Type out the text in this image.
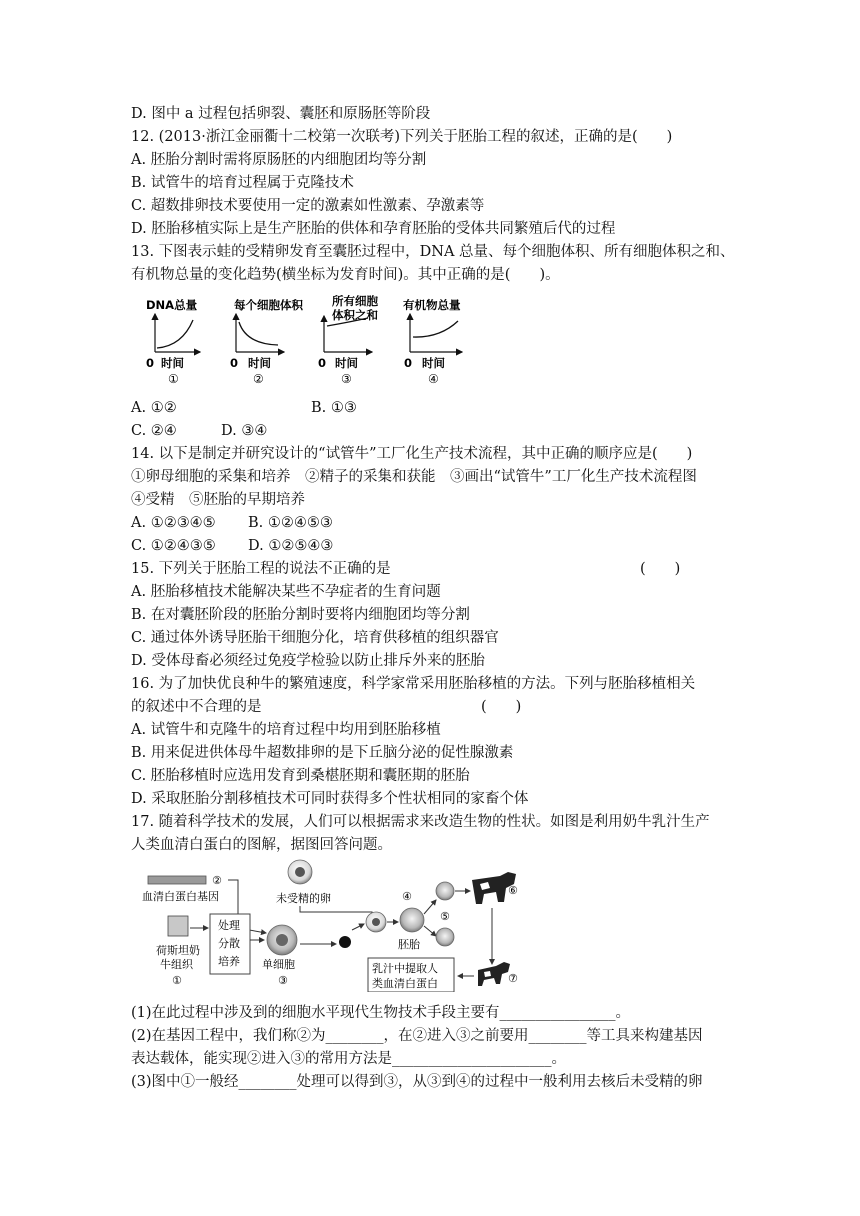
D. 图中 a 过程包括卵裂、囊胚和原肠胚等阶段
12. (2013·浙江金丽衢十二校第一次联考)下列关于胚胎工程的叙述，正确的是(　　)
A. 胚胎分割时需将原肠胚的内细胞团均等分割
B. 试管牛的培育过程属于克隆技术
C. 超数排卵技术要使用一定的激素如性激素、孕激素等
D. 胚胎移植实际上是生产胚胎的供体和孕育胚胎的受体共同繁殖后代的过程
13. 下图表示蛙的受精卵发育至囊胚过程中，DNA 总量、每个细胞体积、所有细胞体积之和、
有机物总量的变化趋势(横坐标为发育时间)。其中正确的是(　　)。
DNA总量
0 时间
①
每个细胞体积
0 时间
②
所有细胞
体积之和
0 时间
③
有机物总量
0 时间
④
A. ①②	B. ①③
C. ②④	D. ③④
14. 以下是制定并研究设计的“试管牛”工厂化生产技术流程，其中正确的顺序应是(　　)
①卵母细胞的采集和培养　②精子的采集和获能　③画出“试管牛”工厂化生产技术流程图
④受精　⑤胚胎的早期培养
A. ①②③④⑤ B. ①②④⑤③
C. ①②④③⑤ D. ①②⑤④③
15. 下列关于胚胎工程的说法不正确的是	(　　)
A. 胚胎移植技术能解决某些不孕症者的生育问题
B. 在对囊胚阶段的胚胎分割时要将内细胞团均等分割
C. 通过体外诱导胚胎干细胞分化，培育供移植的组织器官
D. 受体母畜必须经过免疫学检验以防止排斥外来的胚胎
16. 为了加快优良种牛的繁殖速度，科学家常采用胚胎移植的方法。下列与胚胎移植相关
的叙述中不合理的是	(　　)
A. 试管牛和克隆牛的培育过程中均用到胚胎移植
B. 用来促进供体母牛超数排卵的是下丘脑分泌的促性腺激素
C. 胚胎移植时应选用发育到桑椹胚期和囊胚期的胚胎
D. 采取胚胎分割移植技术可同时获得多个性状相同的家畜个体
17. 随着科学技术的发展，人们可以根据需求来改造生物的性状。如图是利用奶牛乳汁生产
人类血清白蛋白的图解，据图回答问题。
②
血清白蛋白基因	未受精的卵
荷斯坦奶
牛组织
①
处理
分散
培养 单细胞
③
④
胚胎
⑤
⑥
⑦
乳汁中提取人
类血清白蛋白
(1)在此过程中涉及到的细胞水平现代生物技术手段主要有________________。
(2)在基因工程中，我们称②为________，在②进入③之前要用________等工具来构建基因
表达载体，能实现②进入③的常用方法是______________________。
(3)图中①一般经________处理可以得到③，从③到④的过程中一般利用去核后未受精的卵
